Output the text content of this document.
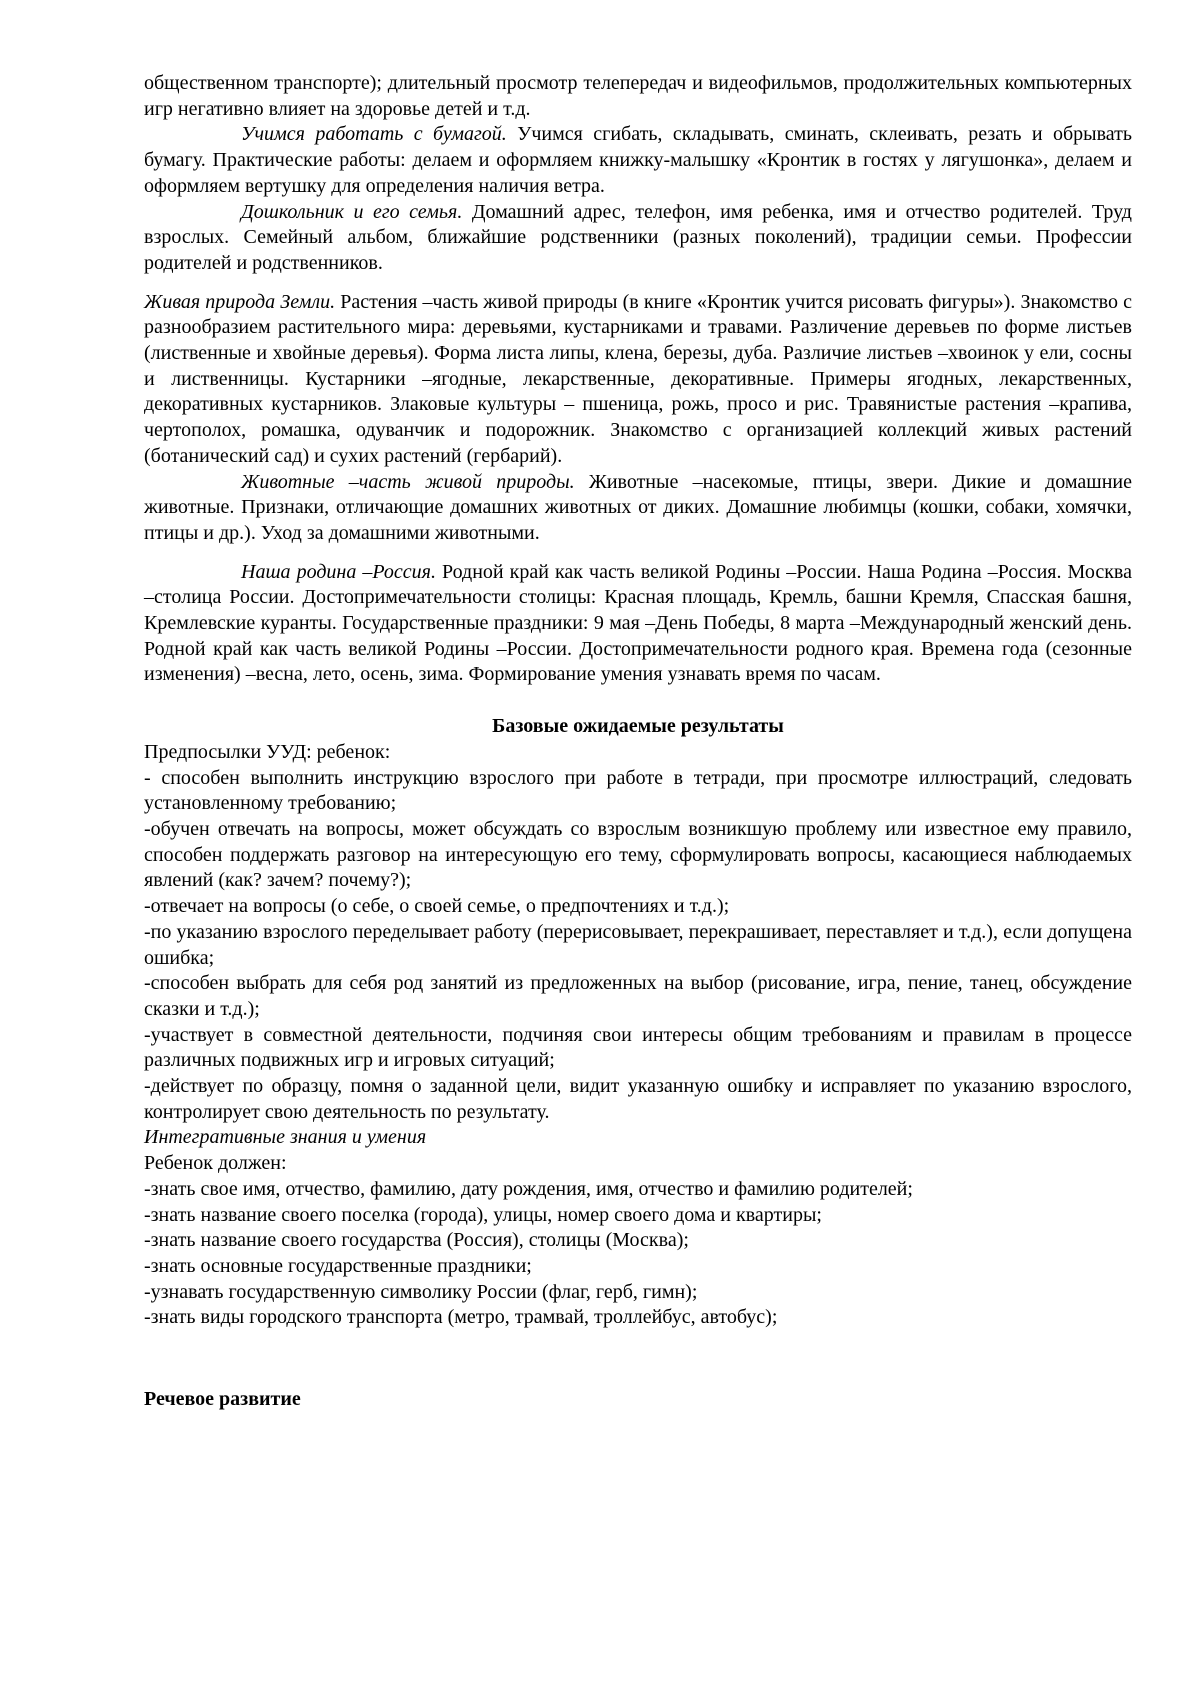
общественном транспорте); длительный просмотр телепередач и видеофильмов, продолжительных компьютерных игр негативно влияет на здоровье детей и т.д.

Учимся работать с бумагой. Учимся сгибать, складывать, сминать, склеивать, резать и обрывать бумагу. Практические работы: делаем и оформляем книжку-малышку «Кронтик в гостях у лягушонка», делаем и оформляем вертушку для определения наличия ветра.

Дошкольник и его семья. Домашний адрес, телефон, имя ребенка, имя и отчество родителей. Труд взрослых. Семейный альбом, ближайшие родственники (разных поколений), традиции семьи. Профессии родителей и родственников.

Живая природа Земли. Растения –часть живой природы (в книге «Кронтик учится рисовать фигуры»). Знакомство с разнообразием растительного мира: деревьями, кустарниками и травами. Различение деревьев по форме листьев (лиственные и хвойные деревья). Форма листа липы, клена, березы, дуба. Различие листьев –хвоинок у ели, сосны и лиственницы. Кустарники –ягодные, лекарственные, декоративные. Примеры ягодных, лекарственных, декоративных кустарников. Злаковые культуры – пшеница, рожь, просо и рис. Травянистые растения –крапива, чертополох, ромашка, одуванчик и подорожник. Знакомство с организацией коллекций живых растений (ботанический сад) и сухих растений (гербарий).

Животные –часть живой природы. Животные –насекомые, птицы, звери. Дикие и домашние животные. Признаки, отличающие домашних животных от диких. Домашние любимцы (кошки, собаки, хомячки, птицы и др.). Уход за домашними животными.

Наша родина –Россия. Родной край как часть великой Родины –России. Наша Родина –Россия. Москва –столица России. Достопримечательности столицы: Красная площадь, Кремль, башни Кремля, Спасская башня, Кремлевские куранты. Государственные праздники: 9 мая –День Победы, 8 марта –Международный женский день. Родной край как часть великой Родины –России. Достопримечательности родного края. Времена года (сезонные изменения) –весна, лето, осень, зима. Формирование умения узнавать время по часам.

Базовые ожидаемые результаты

Предпосылки УУД: ребенок:

- способен выполнить инструкцию взрослого при работе в тетради, при просмотре иллюстраций, следовать установленному требованию;

-обучен отвечать на вопросы, может обсуждать со взрослым возникшую проблему или известное ему правило, способен поддержать разговор на интересующую его тему, сформулировать вопросы, касающиеся наблюдаемых явлений (как? зачем? почему?);

-отвечает на вопросы (о себе, о своей семье, о предпочтениях и т.д.);

-по указанию взрослого переделывает работу (перерисовывает, перекрашивает, переставляет и т.д.), если допущена ошибка;

-способен выбрать для себя род занятий из предложенных на выбор (рисование, игра, пение, танец, обсуждение сказки и т.д.);

-участвует в совместной деятельности, подчиняя свои интересы общим требованиям и правилам в процессе различных подвижных игр и игровых ситуаций;

-действует по образцу, помня о заданной цели, видит указанную ошибку и исправляет по указанию взрослого, контролирует свою деятельность по результату.

Интегративные знания и умения

Ребенок должен:

-знать свое имя, отчество, фамилию, дату рождения, имя, отчество и фамилию родителей;

-знать название своего поселка (города), улицы, номер своего дома и квартиры;

-знать название своего государства (Россия), столицы (Москва);

-знать основные государственные праздники;

-узнавать государственную символику России (флаг, герб, гимн);

-знать виды городского транспорта (метро, трамвай, троллейбус, автобус);

Речевое развитие
